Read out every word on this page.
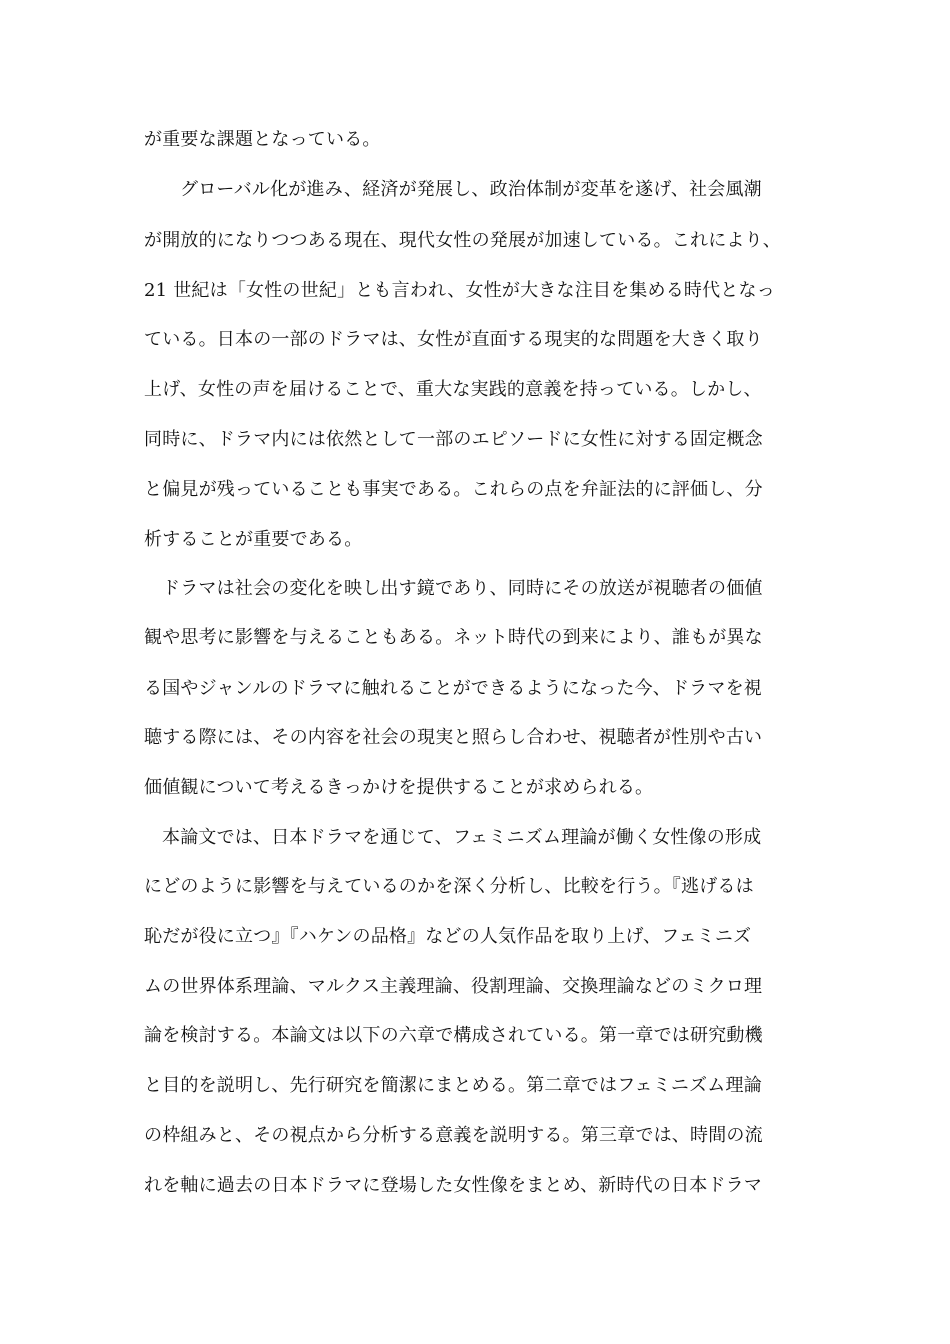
が重要な課題となっている。
グローバル化が進み、経済が発展し、政治体制が変革を遂げ、社会風潮
が開放的になりつつある現在、現代女性の発展が加速している。これにより、
21 世紀は「女性の世紀」とも言われ、女性が大きな注目を集める時代となっ
ている。日本の一部のドラマは、女性が直面する現実的な問題を大きく取り
上げ、女性の声を届けることで、重大な実践的意義を持っている。しかし、
同時に、ドラマ内には依然として一部のエピソードに女性に対する固定概念
と偏見が残っていることも事実である。これらの点を弁証法的に評価し、分
析することが重要である。
ドラマは社会の変化を映し出す鏡であり、同時にその放送が視聴者の価値
観や思考に影響を与えることもある。ネット時代の到来により、誰もが異な
る国やジャンルのドラマに触れることができるようになった今、ドラマを視
聴する際には、その内容を社会の現実と照らし合わせ、視聴者が性別や古い
価値観について考えるきっかけを提供することが求められる。
本論文では、日本ドラマを通じて、フェミニズム理論が働く女性像の形成
にどのように影響を与えているのかを深く分析し、比較を行う。『逃げるは
恥だが役に立つ』『ハケンの品格』などの人気作品を取り上げ、フェミニズ
ムの世界体系理論、マルクス主義理論、役割理論、交換理論などのミクロ理
論を検討する。本論文は以下の六章で構成されている。第一章では研究動機
と目的を説明し、先行研究を簡潔にまとめる。第二章ではフェミニズム理論
の枠組みと、その視点から分析する意義を説明する。第三章では、時間の流
れを軸に過去の日本ドラマに登場した女性像をまとめ、新時代の日本ドラマ
